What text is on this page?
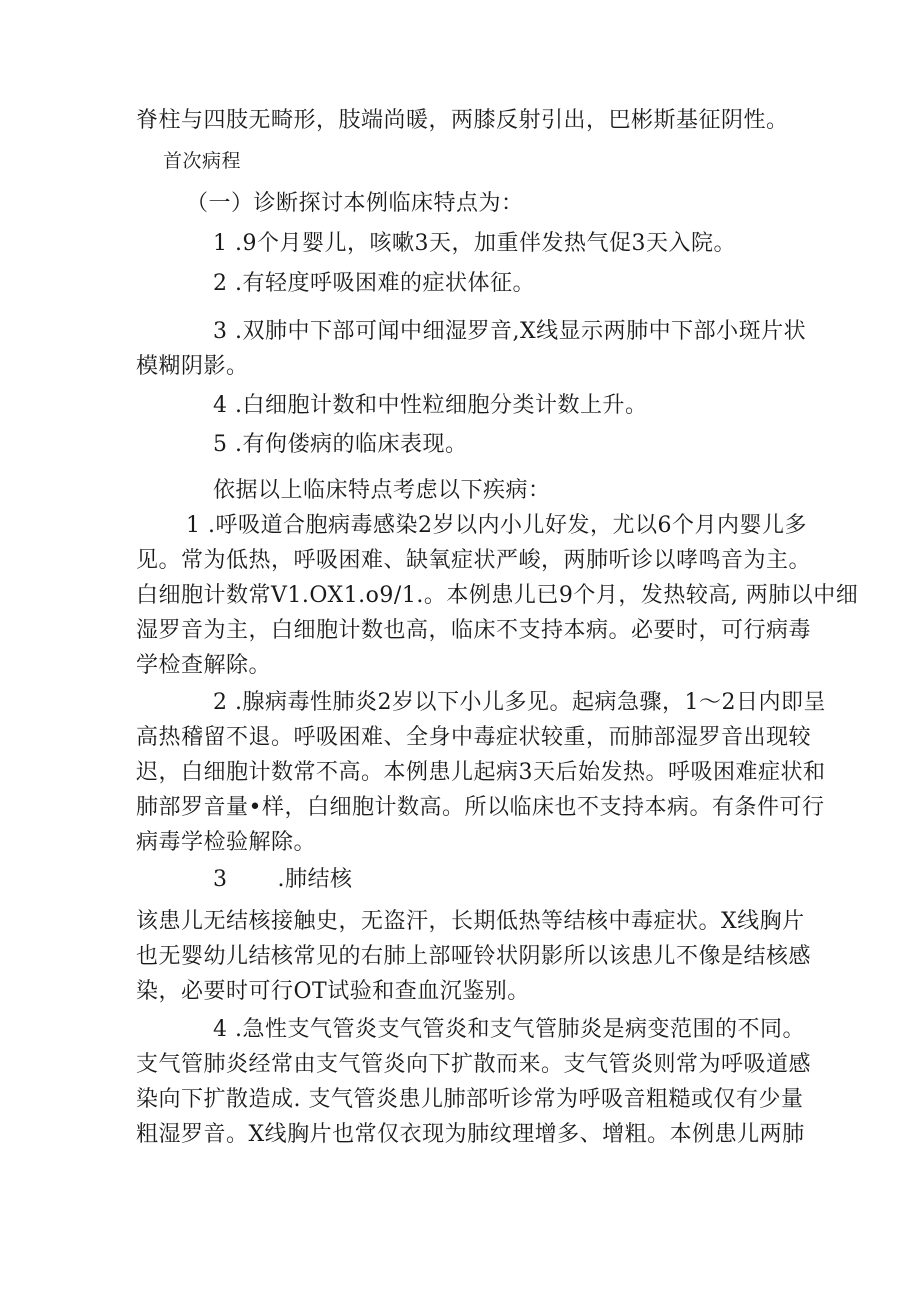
脊柱与四肢无畸形，肢端尚暖，两膝反射引出，巴彬斯基征阴性。
首次病程
（一）诊断探讨本例临床特点为：
1 .9个月婴儿，咳嗽3天，加重伴发热气促3天入院。
2 .有轻度呼吸困难的症状体征。
3 .双肺中下部可闻中细湿罗音,X线显示两肺中下部小斑片状
模糊阴影。
4 .白细胞计数和中性粒细胞分类计数上升。
5 .有佝偻病的临床表现。
依据以上临床特点考虑以下疾病：
1 .呼吸道合胞病毒感染2岁以内小儿好发，尤以6个月内婴儿多
见。常为低热，呼吸困难、缺氧症状严峻，两肺听诊以哮鸣音为主。
白细胞计数常V1.OX1.o9/1.。本例患儿已9个月，发热较高, 两肺以中细
湿罗音为主，白细胞计数也高，临床不支持本病。必要时，可行病毒
学检查解除。
2 .腺病毒性肺炎2岁以下小儿多见。起病急骤，1～2日内即呈
高热稽留不退。呼吸困难、全身中毒症状较重，而肺部湿罗音出现较
迟，白细胞计数常不高。本例患儿起病3天后始发热。呼吸困难症状和
肺部罗音量•样，白细胞计数高。所以临床也不支持本病。有条件可行
病毒学检验解除。
3 .肺结核
该患儿无结核接触史，无盗汗，长期低热等结核中毒症状。X线胸片
也无婴幼儿结核常见的右肺上部哑铃状阴影所以该患儿不像是结核感
染，必要时可行OT试验和查血沉鉴别。
4 .急性支气管炎支气管炎和支气管肺炎是病变范围的不同。
支气管肺炎经常由支气管炎向下扩散而来。支气管炎则常为呼吸道感
染向下扩散造成. 支气管炎患儿肺部听诊常为呼吸音粗糙或仅有少量
粗湿罗音。X线胸片也常仅衣现为肺纹理增多、增粗。本例患儿两肺
